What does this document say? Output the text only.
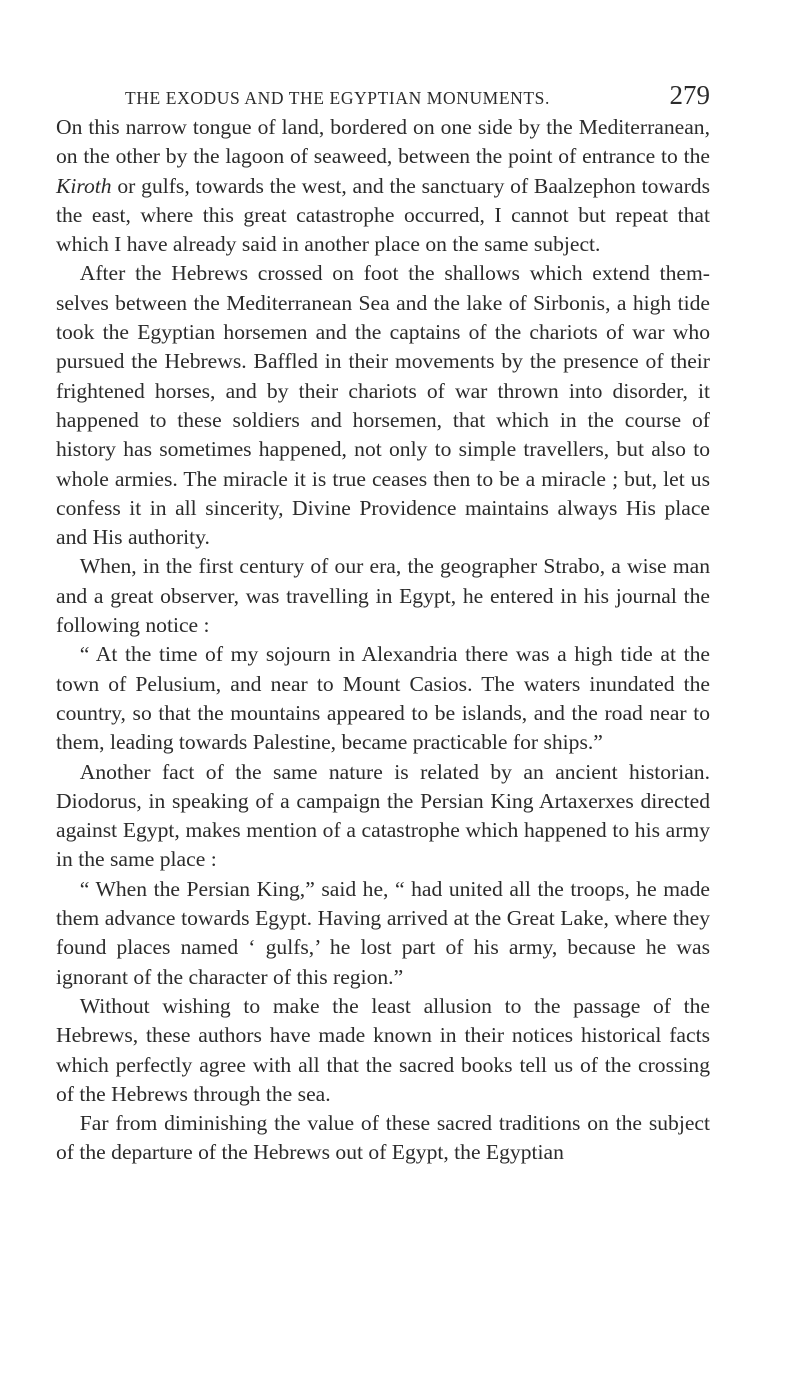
THE EXODUS AND THE EGYPTIAN MONUMENTS.	279

On this narrow tongue of land, bordered on one side by the Mediterranean, on the other by the lagoon of seaweed, between the point of entrance to the Kiroth or gulfs, towards the west, and the sanctuary of Baalzephon towards the east, where this great catastrophe occurred, I cannot but repeat that which I have already said in another place on the same subject.

After the Hebrews crossed on foot the shallows which extend themselves between the Mediterranean Sea and the lake of Sirbonis, a high tide took the Egyptian horsemen and the captains of the chariots of war who pursued the Hebrews. Baffled in their movements by the presence of their frightened horses, and by their chariots of war thrown into disorder, it happened to these soldiers and horsemen, that which in the course of history has sometimes happened, not only to simple travellers, but also to whole armies. The miracle it is true ceases then to be a miracle ; but, let us confess it in all sincerity, Divine Providence maintains always His place and His authority.

When, in the first century of our era, the geographer Strabo, a wise man and a great observer, was travelling in Egypt, he entered in his journal the following notice :

“ At the time of my sojourn in Alexandria there was a high tide at the town of Pelusium, and near to Mount Casios. The waters inundated the country, so that the mountains appeared to be islands, and the road near to them, leading towards Palestine, became practicable for ships.”

Another fact of the same nature is related by an ancient historian. Diodorus, in speaking of a campaign the Persian King Artaxerxes directed against Egypt, makes mention of a catastrophe which happened to his army in the same place :

“ When the Persian King,” said he, “ had united all the troops, he made them advance towards Egypt. Having arrived at the Great Lake, where they found places named ‘ gulfs,’ he lost part of his army, because he was ignorant of the character of this region.”

Without wishing to make the least allusion to the passage of the Hebrews, these authors have made known in their notices historical facts which perfectly agree with all that the sacred books tell us of the crossing of the Hebrews through the sea.

Far from diminishing the value of these sacred traditions on the subject of the departure of the Hebrews out of Egypt, the Egyptian
